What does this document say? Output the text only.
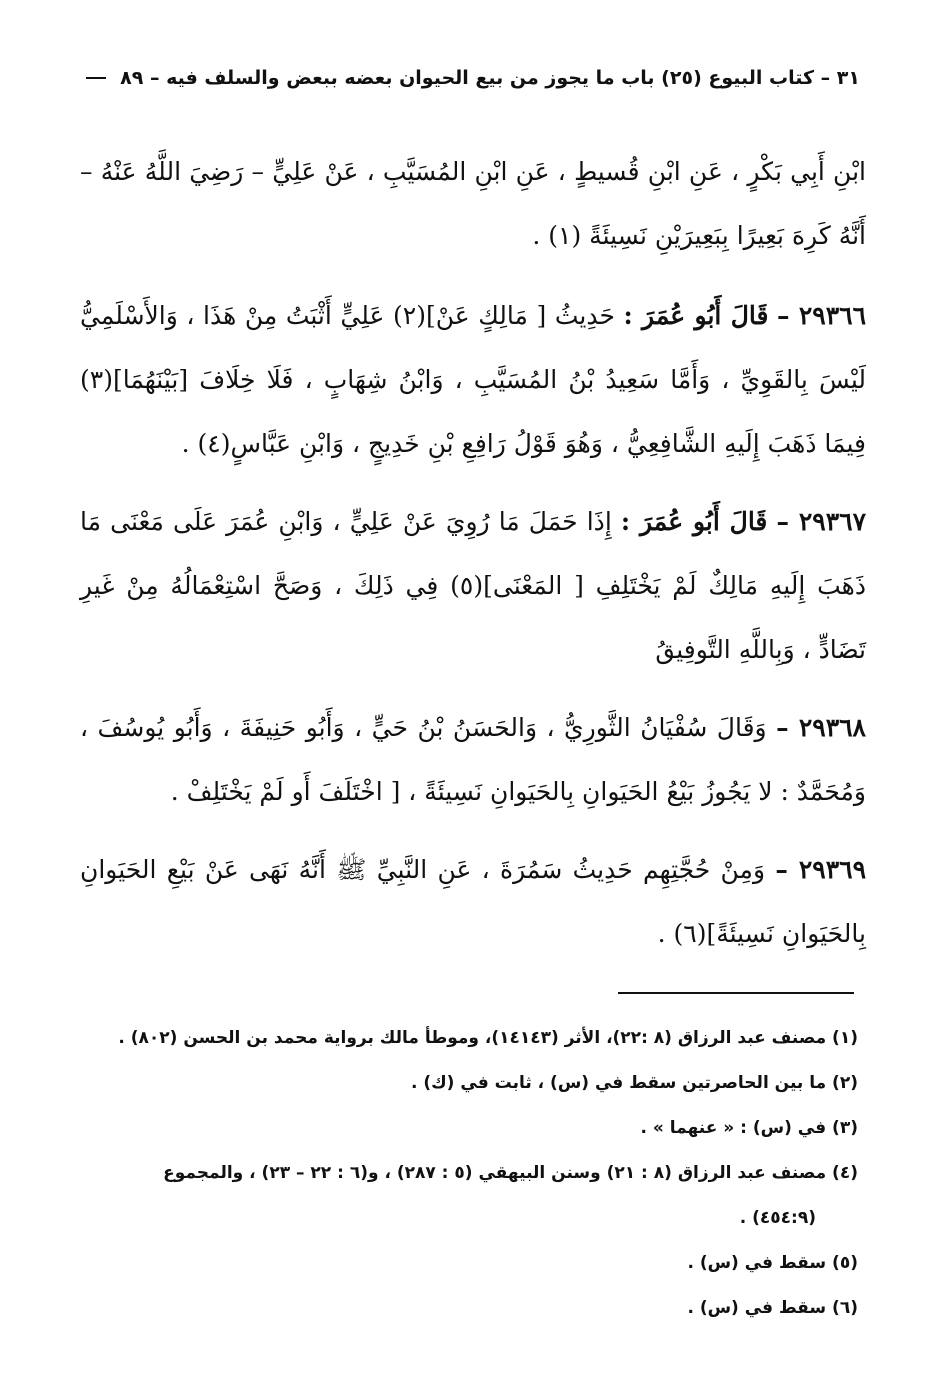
٣١ – كتاب البيوع (٢٥) باب ما يجوز من بيع الحيوان بعضه ببعض والسلف فيه – ٨٩

ابْنِ أَبِي بَكْرٍ ، عَنِ ابْنِ قُسيطٍ ، عَنِ ابْنِ المُسَيَّبِ ، عَنْ عَلِيٍّ – رَضِيَ اللَّهُ عَنْهُ – أَنَّهُ كَرِهَ بَعِيرًا بِبَعِيرَيْنِ نَسِيئَةً (١) .

٢٩٣٦٦ – قَالَ أَبُو عُمَرَ : حَدِيثُ [ مَالِكٍ عَنْ](٢) عَلِيٍّ أَثْبَتُ مِنْ هَذَا ، وَالأَسْلَمِيُّ لَيْسَ بِالقَوِيِّ ، وَأَمَّا سَعِيدُ بْنُ المُسَيَّبِ ، وَابْنُ شِهَابٍ ، فَلَا خِلَافَ [بَيْنَهُمَا](٣) فِيمَا ذَهَبَ إِلَيهِ الشَّافِعِيُّ ، وَهُوَ قَوْلُ رَافِعِ بْنِ خَدِيجٍ ، وَابْنِ عَبَّاسٍ(٤) .

٢٩٣٦٧ – قَالَ أَبُو عُمَرَ : إِذَا حَمَلَ مَا رُوِيَ عَنْ عَلِيٍّ ، وَابْنِ عُمَرَ عَلَى مَعْنَى مَا ذَهَبَ إِلَيهِ مَالِكٌ لَمْ يَخْتَلِفِ [ المَعْنَى](٥) فِي ذَلِكَ ، وَصَحَّ اسْتِعْمَالُهُ مِنْ غَيرِ تَضَادٍّ ، وَبِاللَّهِ التَّوفِيقُ

٢٩٣٦٨ – وَقَالَ سُفْيَانُ الثَّورِيُّ ، وَالحَسَنُ بْنُ حَيٍّ ، وَأَبُو حَنِيفَةَ ، وَأَبُو يُوسُفَ ، وَمُحَمَّدٌ : لا يَجُوزُ بَيْعُ الحَيَوانِ بِالحَيَوانِ نَسِيئَةً ، [ اخْتَلَفَ أَو لَمْ يَخْتَلِفْ .

٢٩٣٦٩ – وَمِنْ حُجَّتِهِم حَدِيثُ سَمُرَةَ ، عَنِ النَّبِيِّ ﷺ أَنَّهُ نَهَى عَنْ بَيْعِ الحَيَوانِ بِالحَيَوانِ نَسِيئَةً](٦) .

(١) مصنف عبد الرزاق (٨ :٢٢)، الأثر (١٤١٤٣)، وموطأ مالك برواية محمد بن الحسن (٨٠٢) .

(٢) ما بين الحاصرتين سقط في (س) ، ثابت في (ك) .

(٣) في (س) : « عنهما » .

(٤) مصنف عبد الرزاق (٨ : ٢١) وسنن البيهقي (٥ : ٢٨٧) ، و(٦ : ٢٢ – ٢٣) ، والمجموع

(٤٥٤:٩) .

(٥) سقط في (س) .

(٦) سقط في (س) .
